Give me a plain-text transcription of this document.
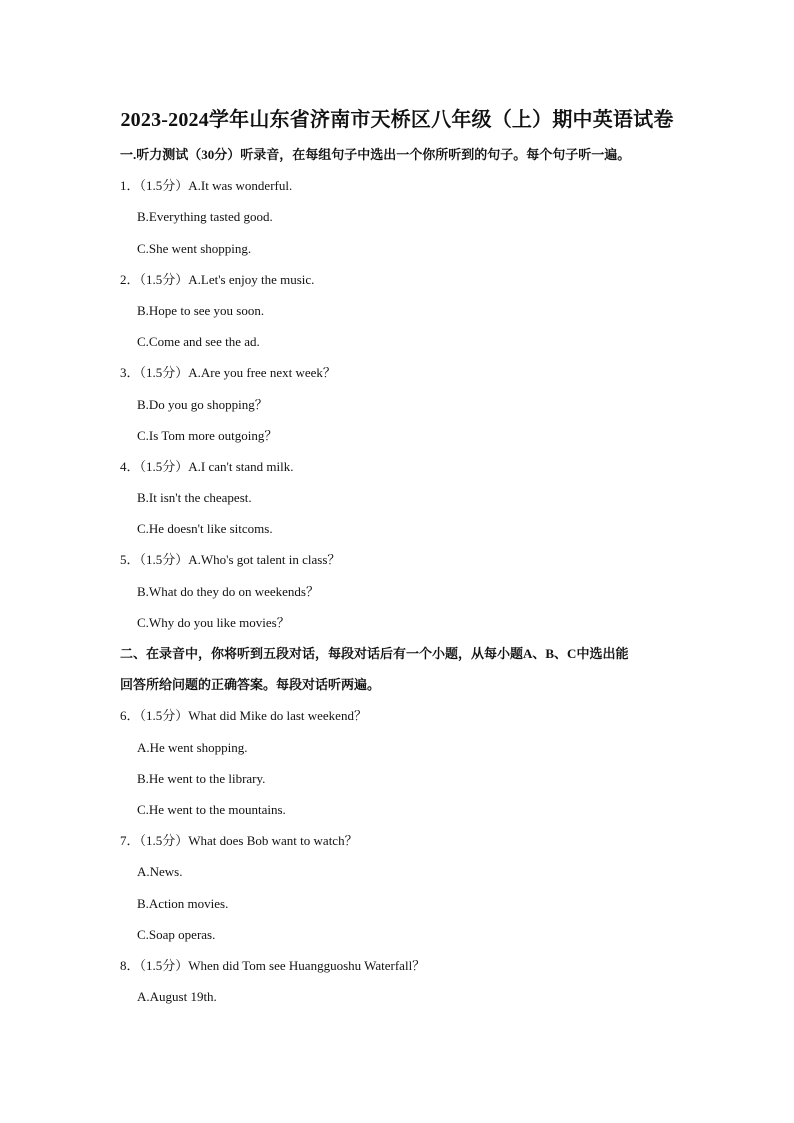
2023-2024学年山东省济南市天桥区八年级（上）期中英语试卷
一.听力测试（30分）听录音，在每组句子中选出一个你所听到的句子。每个句子听一遍。
1．（1.5分）A.It was wonderful.
B.Everything tasted good.
C.She went shopping.
2．（1.5分）A.Let's enjoy the music.
B.Hope to see you soon.
C.Come and see the ad.
3．（1.5分）A.Are you free next week？
B.Do you go shopping？
C.Is Tom more outgoing？
4．（1.5分）A.I can't stand milk.
B.It isn't the cheapest.
C.He doesn't like sitcoms.
5．（1.5分）A.Who's got talent in class？
B.What do they do on weekends？
C.Why do you like movies？
二、在录音中，你将听到五段对话，每段对话后有一个小题，从每小题A、B、C中选出能
回答所给问题的正确答案。每段对话听两遍。
6．（1.5分）What did Mike do last weekend？
A.He went shopping.
B.He went to the library.
C.He went to the mountains.
7．（1.5分）What does Bob want to watch？
A.News.
B.Action movies.
C.Soap operas.
8．（1.5分）When did Tom see Huangguoshu Waterfall？
A.August 19th.
